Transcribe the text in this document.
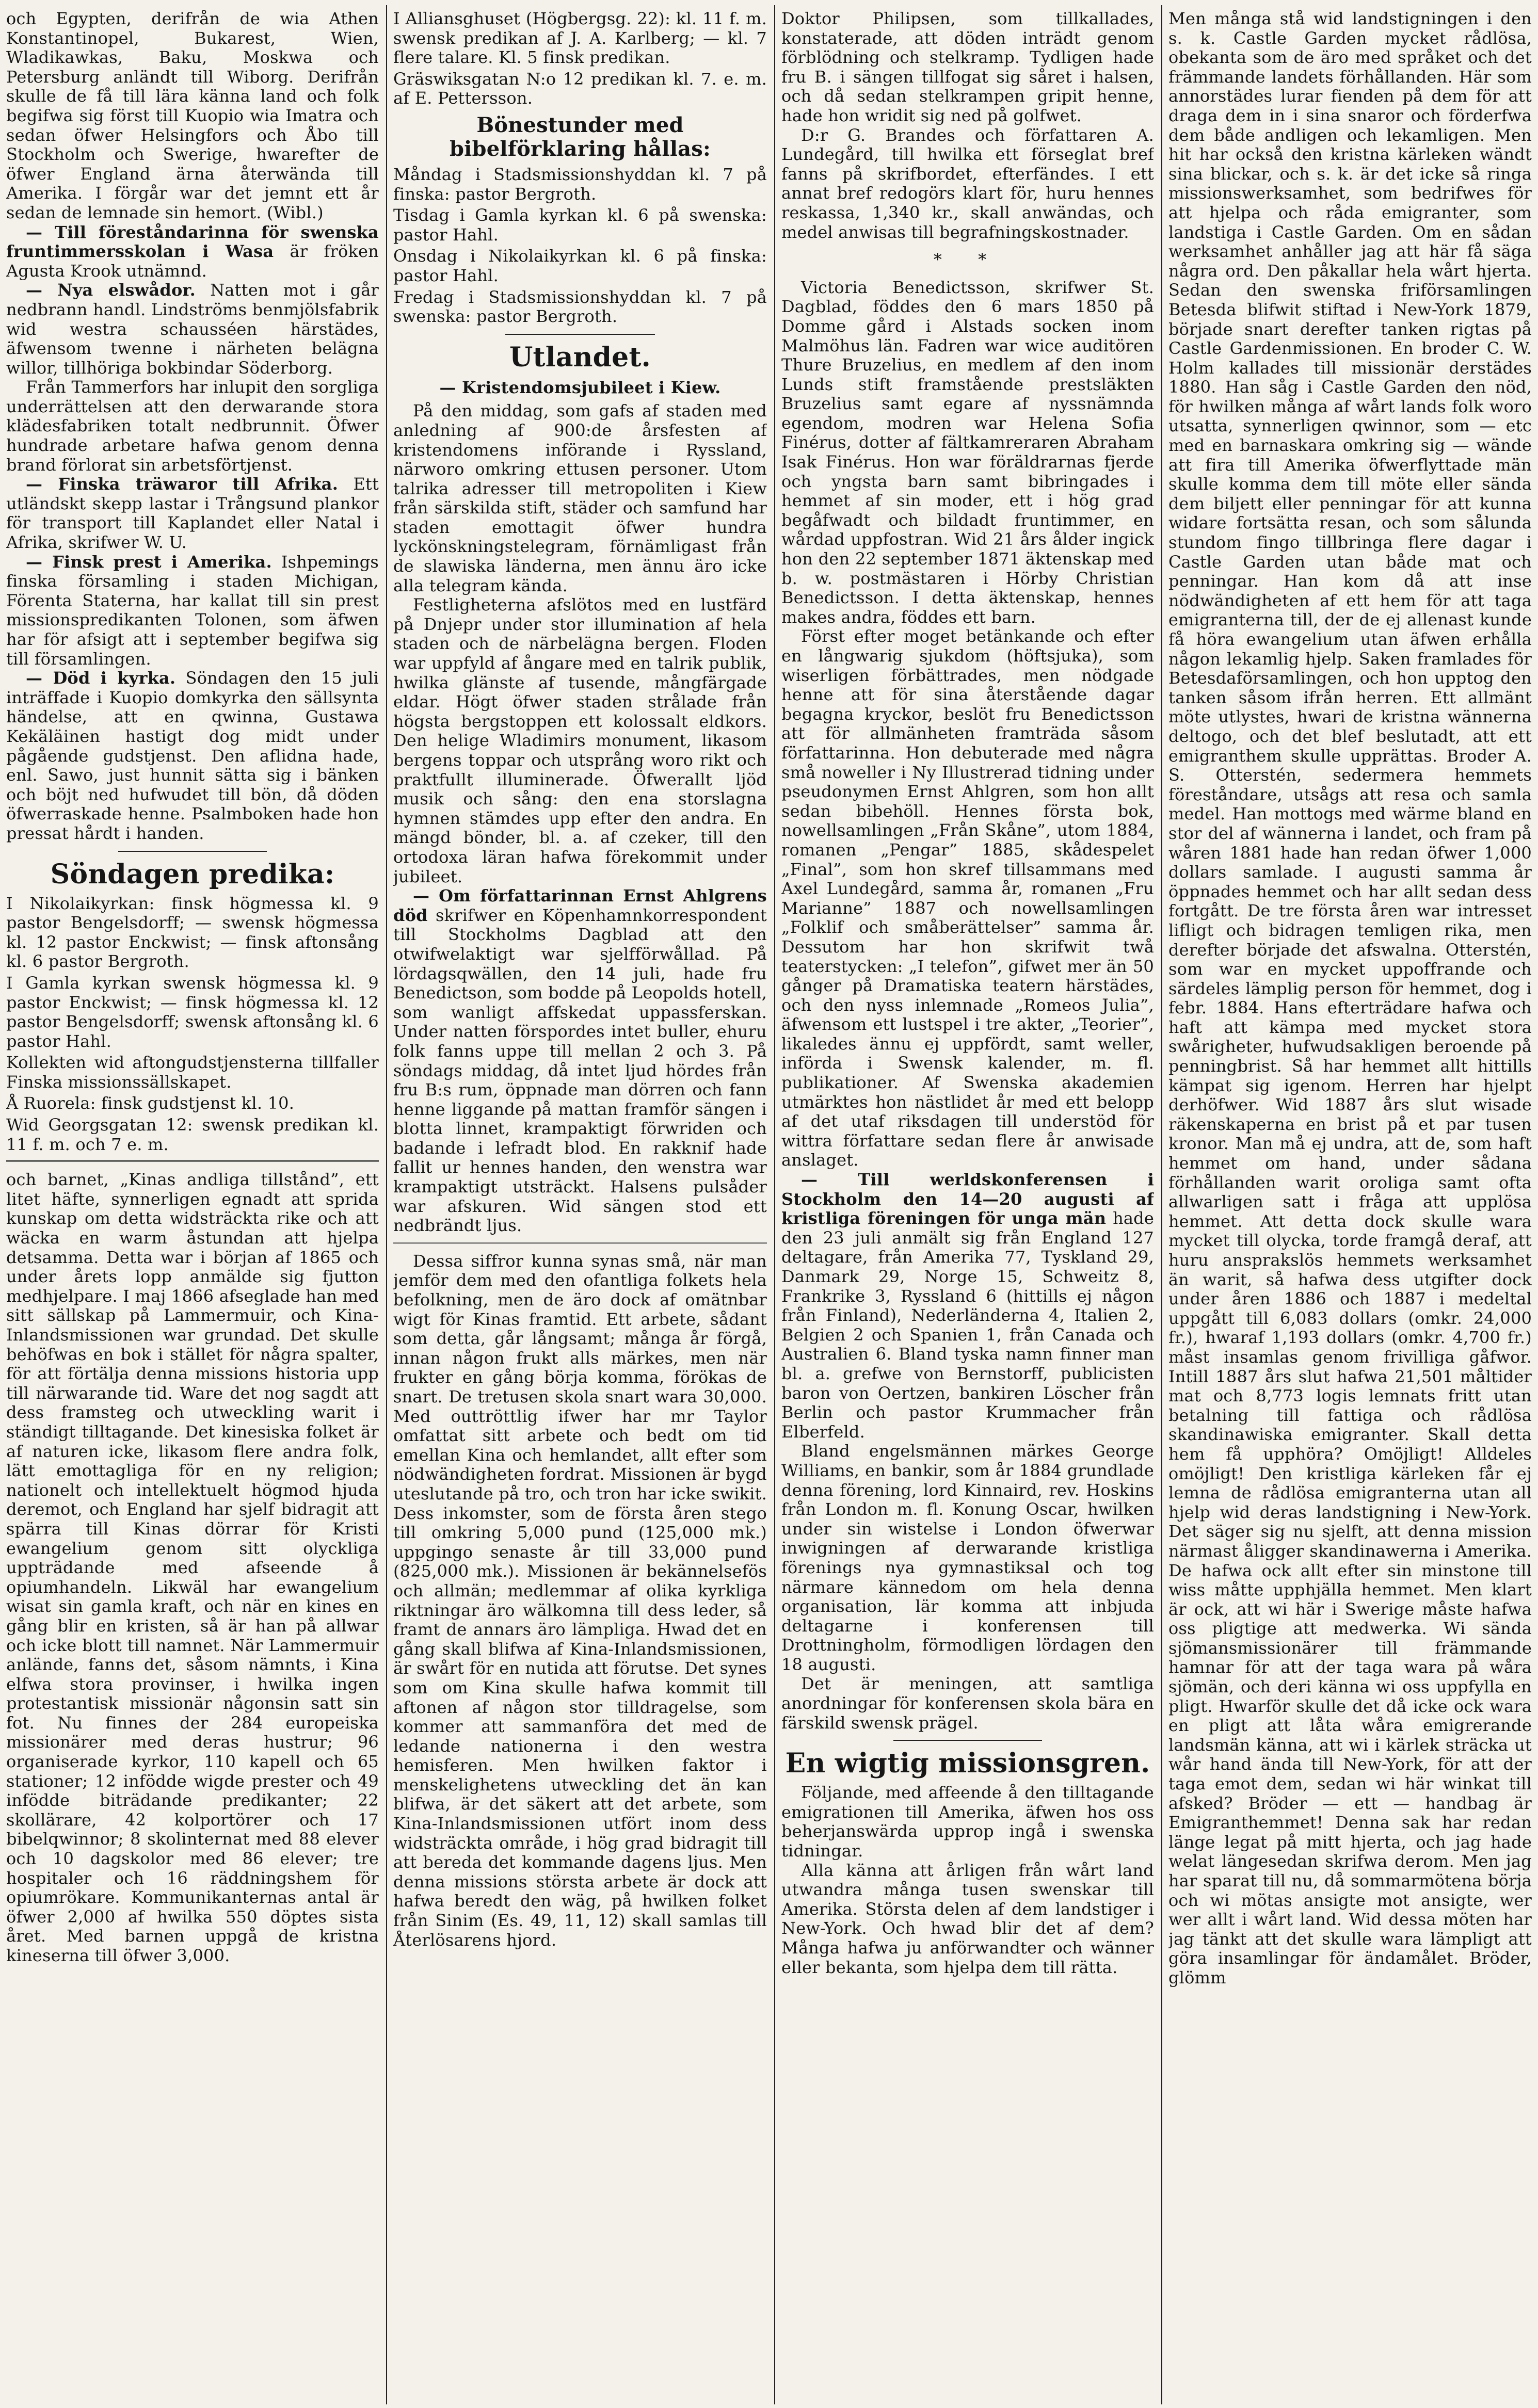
och Egypten, derifrån de wia Athen Konstantinopel, Bukarest, Wien, Wladikawkas, Baku, Moskwa och Petersburg anländt till Wiborg. Derifrån skulle de få till lära känna land och folk begifwa sig först till Kuopio wia Imatra och sedan öfwer Helsingfors och Åbo till Stockholm och Swerige, hwarefter de öfwer England ärna återwända till Amerika. I förgår war det jemnt ett år sedan de lemnade sin hemort. (Wibl.)

— Till föreståndarinna för swenska fruntimmersskolan i Wasa är fröken Agusta Krook utnämnd.

— Nya elswådor. Natten mot i går nedbrann handl. Lindströms benmjölsfabrik wid westra schausséen härstädes, äfwensom twenne i närheten belägna willor, tillhöriga bokbindar Söderborg.

Från Tammerfors har inlupit den sorgliga underrättelsen att den derwarande stora klädesfabriken totalt nedbrunnit. Öfwer hundrade arbetare hafwa genom denna brand förlorat sin arbetsförtjenst.

— Finska träwaror till Afrika. Ett utländskt skepp lastar i Trångsund plankor för transport till Kaplandet eller Natal i Afrika, skrifwer W. U.

— Finsk prest i Amerika. Ishpemings finska församling i staden Michigan, Förenta Staterna, har kallat till sin prest missionspredikanten Tolonen, som äfwen har för afsigt att i september begifwa sig till församlingen.

— Död i kyrka. Söndagen den 15 juli inträffade i Kuopio domkyrka den sällsynta händelse, att en qwinna, Gustawa Kekäläinen hastigt dog midt under pågående gudstjenst. Den aflidna hade, enl. Sawo, just hunnit sätta sig i bänken och böjt ned hufwudet till bön, då döden öfwerraskade henne. Psalmboken hade hon pressat hårdt i handen.

Söndagen predika:

I Nikolaikyrkan: finsk högmessa kl. 9 pastor Bengelsdorff; — swensk högmessa kl. 12 pastor Enckwist; — finsk aftonsång kl. 6 pastor Bergroth.

I Gamla kyrkan swensk högmessa kl. 9 pastor Enckwist; — finsk högmessa kl. 12 pastor Bengelsdorff; swensk aftonsång kl. 6 pastor Hahl.

Kollekten wid aftongudstjensterna tillfaller Finska missionssällskapet.

Å Ruorela: finsk gudstjenst kl. 10.

Wid Georgsgatan 12: swensk predikan kl. 11 f. m. och 7 e. m.

och barnet, „Kinas andliga tillstånd”, ett litet häfte, synnerligen egnadt att sprida kunskap om detta widsträckta rike och att wäcka en warm åstundan att hjelpa detsamma. Detta war i början af 1865 och under årets lopp anmälde sig fjutton medhjelpare. I maj 1866 afseglade han med sitt sällskap på Lammermuir, och Kina-Inlandsmissionen war grundad. Det skulle behöfwas en bok i stället för några spalter, för att förtälja denna missions historia upp till närwarande tid. Ware det nog sagdt att dess framsteg och utweckling warit i ständigt tilltagande. Det kinesiska folket är af naturen icke, likasom flere andra folk, lätt emottagliga för en ny religion; nationelt och intellektuelt högmod hjuda deremot, och England har sjelf bidragit att spärra till Kinas dörrar för Kristi ewangelium genom sitt olyckliga uppträdande med afseende å opiumhandeln. Likwäl har ewangelium wisat sin gamla kraft, och när en kines en gång blir en kristen, så är han på allwar och icke blott till namnet. När Lammermuir anlände, fanns det, såsom nämnts, i Kina elfwa stora provinser, i hwilka ingen protestantisk missionär någonsin satt sin fot. Nu finnes der 284 europeiska missionärer med deras hustrur; 96 organiserade kyrkor, 110 kapell och 65 stationer; 12 infödde wigde prester och 49 infödde biträdande predikanter; 22 skollärare, 42 kolportörer och 17 bibelqwinnor; 8 skolinternat med 88 elever och 10 dagskolor med 86 elever; tre hospitaler och 16 räddningshem för opiumrökare. Kommunikanternas antal är öfwer 2,000 af hwilka 550 döptes sista året. Med barnen uppgå de kristna kineserna till öfwer 3,000.

I Alliansghuset (Högbergsg. 22): kl. 11 f. m. swensk predikan af J. A. Karlberg; — kl. 7 flere talare. Kl. 5 finsk predikan.

Gräswiksgatan N:o 12 predikan kl. 7. e. m. af E. Pettersson.

Bönestunder med bibelförklaring hållas:

Måndag i Stadsmissionshyddan kl. 7 på finska: pastor Bergroth.

Tisdag i Gamla kyrkan kl. 6 på swenska: pastor Hahl.

Onsdag i Nikolaikyrkan kl. 6 på finska: pastor Hahl.

Fredag i Stadsmissionshyddan kl. 7 på swenska: pastor Bergroth.

Utlandet.
— Kristendomsjubileet i Kiew.

På den middag, som gafs af staden med anledning af 900:de årsfesten af kristendomens införande i Ryssland, närworo omkring ettusen personer. Utom talrika adresser till metropoliten i Kiew från särskilda stift, städer och samfund har staden emottagit öfwer hundra lyckönskningstelegram, förnämligast från de slawiska länderna, men ännu äro icke alla telegram kända.

Festligheterna afslötos med en lustfärd på Dnjepr under stor illumination af hela staden och de närbelägna bergen. Floden war uppfyld af ångare med en talrik publik, hwilka glänste af tusende, mångfärgade eldar. Högt öfwer staden strålade från högsta bergstoppen ett kolossalt eldkors. Den helige Wladimirs monument, likasom bergens toppar och utsprång woro rikt och praktfullt illuminerade. Öfwerallt ljöd musik och sång: den ena storslagna hymnen stämdes upp efter den andra. En mängd bönder, bl. a. af czeker, till den ortodoxa läran hafwa förekommit under jubileet.

— Om författarinnan Ernst Ahlgrens död skrifwer en Köpenhamnkorrespondent till Stockholms Dagblad att den otwifwelaktigt war sjelfförwållad. På lördagsqwällen, den 14 juli, hade fru Benedictson, som bodde på Leopolds hotell, som wanligt affskedat uppassferskan. Under natten förspordes intet buller, ehuru folk fanns uppe till mellan 2 och 3. På söndags middag, då intet ljud hördes från fru B:s rum, öppnade man dörren och fann henne liggande på mattan framför sängen i blotta linnet, krampaktigt förwriden och badande i lefradt blod. En rakknif hade fallit ur hennes handen, den wenstra war krampaktigt utsträckt. Halsens pulsåder war afskuren. Wid sängen stod ett nedbrändt ljus.

Dessa siffror kunna synas små, när man jemför dem med den ofantliga folkets hela befolkning, men de äro dock af omätnbar wigt för Kinas framtid. Ett arbete, sådant som detta, går långsamt; många år förgå, innan någon frukt alls märkes, men när frukter en gång börja komma, förökas de snart. De tretusen skola snart wara 30,000. Med outtröttlig ifwer har mr Taylor omfattat sitt arbete och bedt om tid emellan Kina och hemlandet, allt efter som nödwändigheten fordrat. Missionen är bygd uteslutande på tro, och tron har icke swikit. Dess inkomster, som de första åren stego till omkring 5,000 pund (125,000 mk.) uppgingo senaste år till 33,000 pund (825,000 mk.). Missionen är bekännelsefös och allmän; medlemmar af olika kyrkliga riktningar äro wälkomna till dess leder, så framt de annars äro lämpliga. Hwad det en gång skall blifwa af Kina-Inlandsmissionen, är swårt för en nutida att förutse. Det synes som om Kina skulle hafwa kommit till aftonen af någon stor tilldragelse, som kommer att sammanföra det med de ledande nationerna i den westra hemisferen. Men hwilken faktor i menskelighetens utweckling det än kan blifwa, är det säkert att det arbete, som Kina-Inlandsmissionen utfört inom dess widsträckta område, i hög grad bidragit till att bereda det kommande dagens ljus. Men denna missions största arbete är dock att hafwa beredt den wäg, på hwilken folket från Sinim (Es. 49, 11, 12) skall samlas till Återlösarens hjord.

Doktor Philipsen, som tillkallades, konstaterade, att döden inträdt genom förblödning och stelkramp. Tydligen hade fru B. i sängen tillfogat sig såret i halsen, och då sedan stelkrampen gripit henne, hade hon wridit sig ned på golfwet.

D:r G. Brandes och författaren A. Lundegård, till hwilka ett förseglat bref fanns på skrifbordet, efterfändes. I ett annat bref redogörs klart för, huru hennes reskassa, 1,340 kr., skall anwändas, och medel anwisas till begrafningskostnader.

* *

Victoria Benedictsson, skrifwer St. Dagblad, föddes den 6 mars 1850 på Domme gård i Alstads socken inom Malmöhus län. Fadren war wice auditören Thure Bruzelius, en medlem af den inom Lunds stift framstående prestsläkten Bruzelius samt egare af nyssnämnda egendom, modren war Helena Sofia Finérus, dotter af fältkamreraren Abraham Isak Finérus. Hon war föräldrarnas fjerde och yngsta barn samt bibringades i hemmet af sin moder, ett i hög grad begåfwadt och bildadt fruntimmer, en wårdad uppfostran. Wid 21 års ålder ingick hon den 22 september 1871 äktenskap med b. w. postmästaren i Hörby Christian Benedictsson. I detta äktenskap, hennes makes andra, föddes ett barn.

Först efter moget betänkande och efter en långwarig sjukdom (höftsjuka), som wiserligen förbättrades, men nödgade henne att för sina återstående dagar begagna kryckor, beslöt fru Benedictsson att för allmänheten framträda såsom författarinna. Hon debuterade med några små noweller i Ny Illustrerad tidning under pseudonymen Ernst Ahlgren, som hon allt sedan bibehöll. Hennes första bok, nowellsamlingen „Från Skåne”, utom 1884, romanen „Pengar” 1885, skådespelet „Final”, som hon skref tillsammans med Axel Lundegård, samma år, romanen „Fru Marianne” 1887 och nowellsamlingen „Folklif och småberättelser” samma år. Dessutom har hon skrifwit twå teaterstycken: „I telefon”, gifwet mer än 50 gånger på Dramatiska teatern härstädes, och den nyss inlemnade „Romeos Julia”, äfwensom ett lustspel i tre akter, „Teorier”, likaledes ännu ej uppfördt, samt weller, införda i Swensk kalender, m. fl. publikationer. Af Swenska akademien utmärktes hon nästlidet år med ett belopp af det utaf riksdagen till understöd för wittra författare sedan flere år anwisade anslaget.

— Till werldskonferensen i Stockholm den 14—20 augusti af kristliga föreningen för unga män hade den 23 juli anmält sig från England 127 deltagare, från Amerika 77, Tyskland 29, Danmark 29, Norge 15, Schweitz 8, Frankrike 3, Ryssland 6 (hittills ej någon från Finland), Nederländerna 4, Italien 2, Belgien 2 och Spanien 1, från Canada och Australien 6. Bland tyska namn finner man bl. a. grefwe von Bernstorff, publicisten baron von Oertzen, bankiren Löscher från Berlin och pastor Krummacher från Elberfeld.

Bland engelsmännen märkes George Williams, en bankir, som år 1884 grundlade denna förening, lord Kinnaird, rev. Hoskins från London m. fl. Konung Oscar, hwilken under sin wistelse i London öfwerwar inwigningen af derwarande kristliga förenings nya gymnastiksal och tog närmare kännedom om hela denna organisation, lär komma att inbjuda deltagarne i konferensen till Drottningholm, förmodligen lördagen den 18 augusti.

Det är meningen, att samtliga anordningar för konferensen skola bära en färskild swensk prägel.

En wigtig missionsgren.

Följande, med affeende å den tilltagande emigrationen till Amerika, äfwen hos oss beherjanswärda upprop ingå i swenska tidningar.

Alla känna att årligen från wårt land utwandra många tusen swenskar till Amerika. Största delen af dem landstiger i New-York. Och hwad blir det af dem? Många hafwa ju anförwandter och wänner eller bekanta, som hjelpa dem till rätta.

Men många stå wid landstigningen i den s. k. Castle Garden mycket rådlösa, obekanta som de äro med språket och det främmande landets förhållanden. Här som annorstädes lurar fienden på dem för att draga dem in i sina snaror och förderfwa dem både andligen och lekamligen. Men hit har också den kristna kärleken wändt sina blickar, och s. k. är det icke så ringa missionswerksamhet, som bedrifwes för att hjelpa och råda emigranter, som landstiga i Castle Garden. Om en sådan werksamhet anhåller jag att här få säga några ord. Den påkallar hela wårt hjerta. Sedan den swenska friförsamlingen Betesda blifwit stiftad i New-York 1879, började snart derefter tanken rigtas på Castle Gardenmissionen. En broder C. W. Holm kallades till missionär derstädes 1880. Han såg i Castle Garden den nöd, för hwilken många af wårt lands folk woro utsatta, synnerligen qwinnor, som — etc med en barnaskara omkring sig — wände att fira till Amerika öfwerflyttade män skulle komma dem till möte eller sända dem biljett eller penningar för att kunna widare fortsätta resan, och som sålunda stundom fingo tillbringa flere dagar i Castle Garden utan både mat och penningar. Han kom då att inse nödwändigheten af ett hem för att taga emigranterna till, der de ej allenast kunde få höra ewangelium utan äfwen erhålla någon lekamlig hjelp. Saken framlades för Betesdaförsamlingen, och hon upptog den tanken såsom ifrån herren. Ett allmänt möte utlystes, hwari de kristna wännerna deltogo, och det blef beslutadt, att ett emigranthem skulle upprättas. Broder A. S. Otterstén, sedermera hemmets föreståndare, utsågs att resa och samla medel. Han mottogs med wärme bland en stor del af wännerna i landet, och fram på wåren 1881 hade han redan öfwer 1,000 dollars samlade. I augusti samma år öppnades hemmet och har allt sedan dess fortgått. De tre första åren war intresset lifligt och bidragen temligen rika, men derefter började det afswalna. Otterstén, som war en mycket uppoffrande och särdeles lämplig person för hemmet, dog i febr. 1884. Hans efterträdare hafwa och haft att kämpa med mycket stora swårigheter, hufwudsakligen beroende på penningbrist. Så har hemmet allt hittills kämpat sig igenom. Herren har hjelpt derhöfwer. Wid 1887 års slut wisade räkenskaperna en brist på et par tusen kronor. Man må ej undra, att de, som haft hemmet om hand, under sådana förhållanden warit oroliga samt ofta allwarligen satt i fråga att upplösa hemmet. Att detta dock skulle wara mycket till olycka, torde framgå deraf, att huru ansprakslös hemmets werksamhet än warit, så hafwa dess utgifter dock under åren 1886 och 1887 i medeltal uppgått till 6,083 dollars (omkr. 24,000 fr.), hwaraf 1,193 dollars (omkr. 4,700 fr.) måst insamlas genom frivilliga gåfwor. Intill 1887 års slut hafwa 21,501 måltider mat och 8,773 logis lemnats fritt utan betalning till fattiga och rådlösa skandinawiska emigranter. Skall detta hem få upphöra? Omöjligt! Alldeles omöjligt! Den kristliga kärleken får ej lemna de rådlösa emigranterna utan all hjelp wid deras landstigning i New-York. Det säger sig nu sjelft, att denna mission närmast åligger skandinawerna i Amerika. De hafwa ock allt efter sin minstone till wiss måtte upphjälla hemmet. Men klart är ock, att wi här i Swerige måste hafwa oss pligtige att medwerka. Wi sända sjömansmissionärer till främmande hamnar för att der taga wara på wåra sjömän, och deri känna wi oss uppfylla en pligt. Hwarför skulle det då icke ock wara en pligt att låta wåra emigrerande landsmän känna, att wi i kärlek sträcka ut wår hand ända till New-York, för att der taga emot dem, sedan wi här winkat till afsked? Bröder — ett — handbag är Emigranthemmet! Denna sak har redan länge legat på mitt hjerta, och jag hade welat längesedan skrifwa derom. Men jag har sparat till nu, då sommarmötena börja och wi mötas ansigte mot ansigte, wer wer allt i wårt land. Wid dessa möten har jag tänkt att det skulle wara lämpligt att göra insamlingar för ändamålet. Bröder, glömm
